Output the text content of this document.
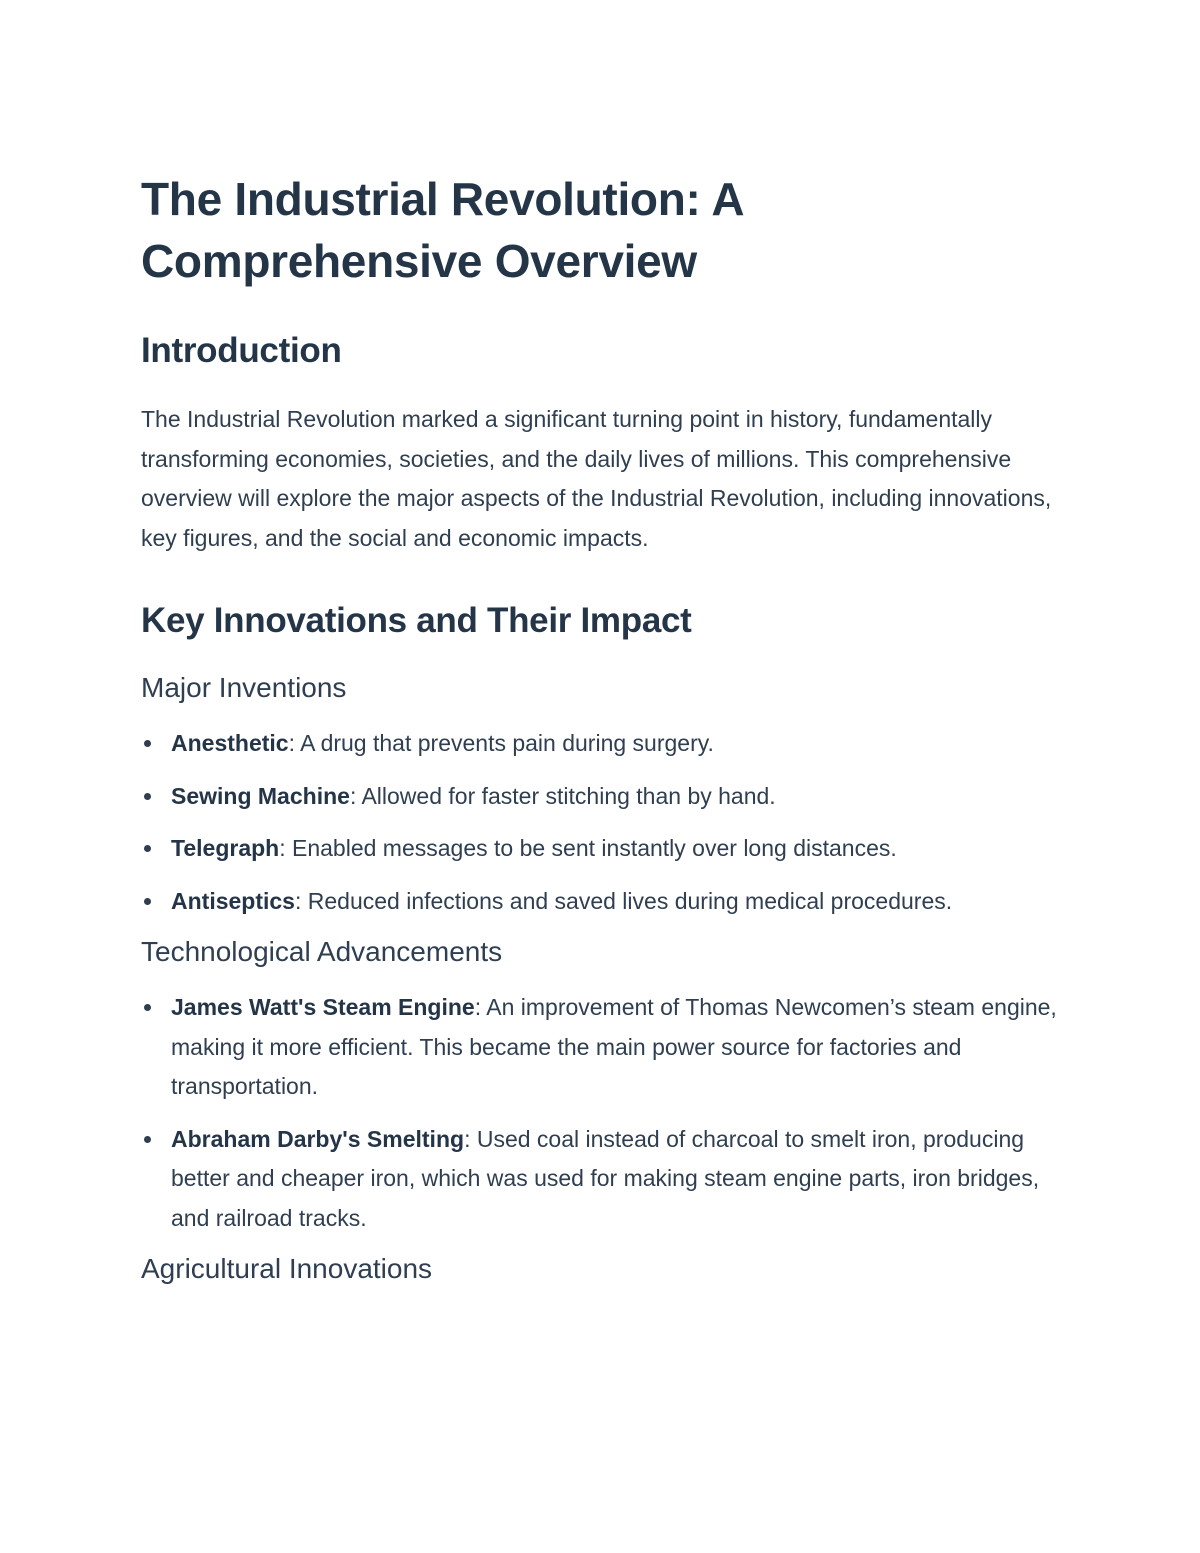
The Industrial Revolution: A Comprehensive Overview
Introduction

The Industrial Revolution marked a significant turning point in history, fundamentally transforming economies, societies, and the daily lives of millions. This comprehensive overview will explore the major aspects of the Industrial Revolution, including innovations, key figures, and the social and economic impacts.

Key Innovations and Their Impact
Major Inventions
Anesthetic: A drug that prevents pain during surgery.
Sewing Machine: Allowed for faster stitching than by hand.
Telegraph: Enabled messages to be sent instantly over long distances.
Antiseptics: Reduced infections and saved lives during medical procedures.
Technological Advancements
James Watt's Steam Engine: An improvement of Thomas Newcomen’s steam engine, making it more efficient. This became the main power source for factories and transportation.
Abraham Darby's Smelting: Used coal instead of charcoal to smelt iron, producing better and cheaper iron, which was used for making steam engine parts, iron bridges, and railroad tracks.
Agricultural Innovations
